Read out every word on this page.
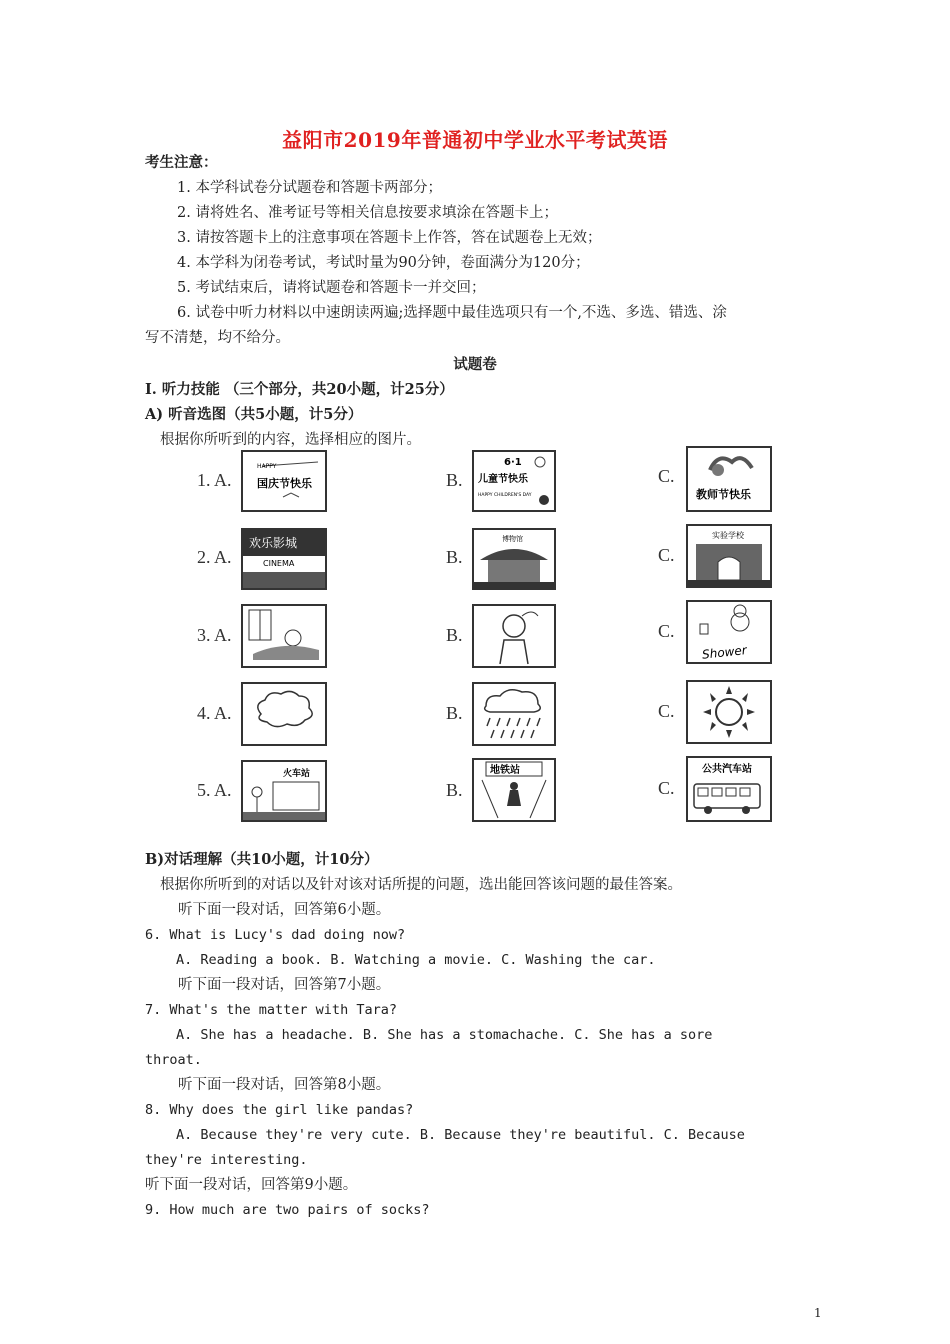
益阳市2019年普通初中学业水平考试英语
考生注意：
1. 本学科试卷分试题卷和答题卡两部分；
2. 请将姓名、准考证号等相关信息按要求填涂在答题卡上；
3. 请按答题卡上的注意事项在答题卡上作答，答在试题卷上无效；
4. 本学科为闭卷考试，考试时量为90分钟，卷面满分为120分；
5. 考试结束后，请将试题卷和答题卡一并交回；
6. 试卷中听力材料以中速朗读两遍;选择题中最佳选项只有一个,不选、多选、错选、涂
写不清楚，均不给分。
试题卷
I. 听力技能 （三个部分，共20小题，计25分）
A) 听音选图（共5小题，计5分）
根据你所听到的内容，选择相应的图片。
1. A.
HAPPY
国庆节快乐	B.
6·1
儿童节快乐
HAPPY CHILDREN'S DAY
C.
教师节快乐
2. A.
欢乐影城
CINEMA	B.
博物馆
C.
实验学校
3. A.	B.	C.
Shower
4. A.	B.	C.
5. A.
火车站
B.
地铁站
C.
公共汽车站
B)对话理解（共10小题，计10分）
根据你所听到的对话以及针对该对话所提的问题，选出能回答该问题的最佳答案。
听下面一段对话，回答第6小题。
6. What is Lucy's dad doing now?
A. Reading a book. B. Watching a movie. C. Washing the car.
听下面一段对话，回答第7小题。
7. What's the matter with Tara?
A. She has a headache. B. She has a stomachache. C. She has a sore
throat.
听下面一段对话，回答第8小题。
8. Why does the girl like pandas?
A. Because they're very cute. B. Because they're beautiful. C. Because
they're interesting.
听下面一段对话，回答第9小题。
9. How much are two pairs of socks?
1
